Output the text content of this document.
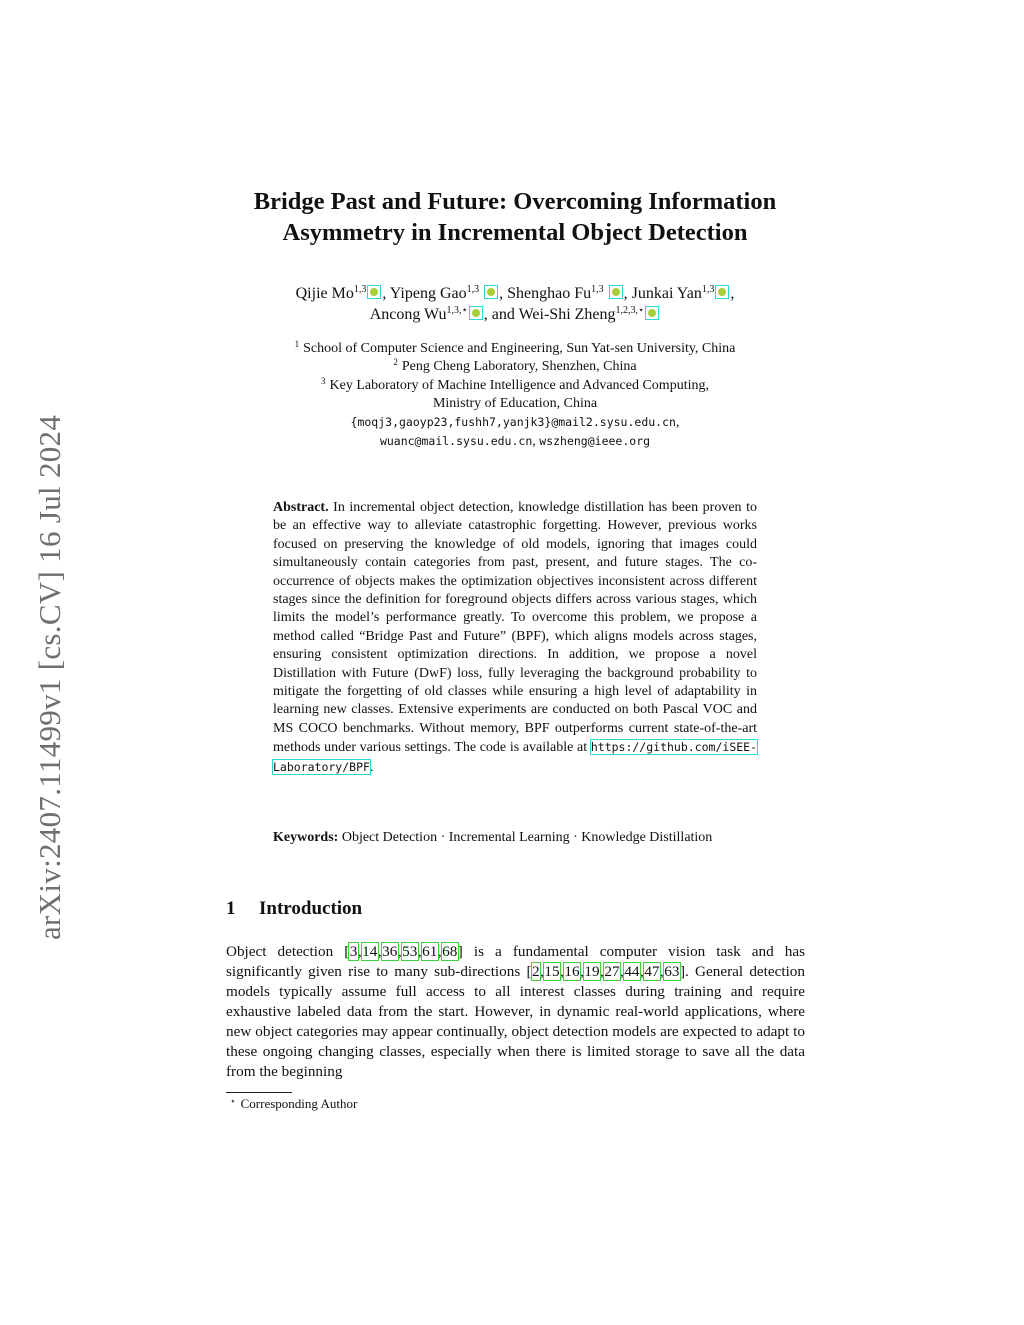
arXiv:2407.11499v1 [cs.CV] 16 Jul 2024
Bridge Past and Future: Overcoming Information
Asymmetry in Incremental Object Detection
Qijie Mo$^{1,3}$ , Yipeng Gao$^{1,3}$ , Shenghao Fu$^{1,3}$ , Junkai Yan$^{1,3}$ ,
Ancong $Wu^{1,3,⋆}$ , and Wei-Shi Zheng$^{1,2,3,⋆}$
$^1$ School of Computer Science and Engineering, Sun Yat-sen University, China
$^2$ Peng Cheng Laboratory, Shenzhen, China
$^3$ Key Laboratory of Machine Intelligence and Advanced Computing,
Ministry of Education, China
{moqj3,gaoyp23,fushh7,yanjk3}@mail2.sysu.edu.cn,
wuanc@mail.sysu.edu.cn, wszheng@ieee.org
Abstract. In incremental object detection, knowledge distillation has been proven to be an effective way to alleviate catastrophic forgetting. However, previous works focused on preserving the knowledge of old models, ignoring that images could simultaneously contain categories from past, present, and future stages. The co-occurrence of objects makes the optimization objectives inconsistent across different stages since the definition for foreground objects differs across various stages, which limits the model’s performance greatly. To overcome this problem, we propose a method called “Bridge Past and Future” (BPF), which aligns models across stages, ensuring consistent optimization directions. In addition, we propose a novel Distillation with Future (DwF) loss, fully leveraging the background probability to mitigate the forgetting of old classes while ensuring a high level of adaptability in learning new classes. Extensive experiments are conducted on both Pascal VOC and MS COCO benchmarks. Without memory, BPF outperforms current state-of-the-art methods under various settings. The code is available at https://github.com/iSEE-Laboratory/BPF.
Keywords: Object Detection · Incremental Learning · Knowledge Distillation
1 Introduction
Object detection [3,14,36,53,61,68] is a fundamental computer vision task and has significantly given rise to many sub-directions [2,15,16,19,27,44,47,63]. General detection models typically assume full access to all interest classes during training and require exhaustive labeled data from the start. However, in dynamic real-world applications, where new object categories may appear continually, object detection models are expected to adapt to these ongoing changing classes, especially when there is limited storage to save all the data from the beginning
⋆ Corresponding Author
